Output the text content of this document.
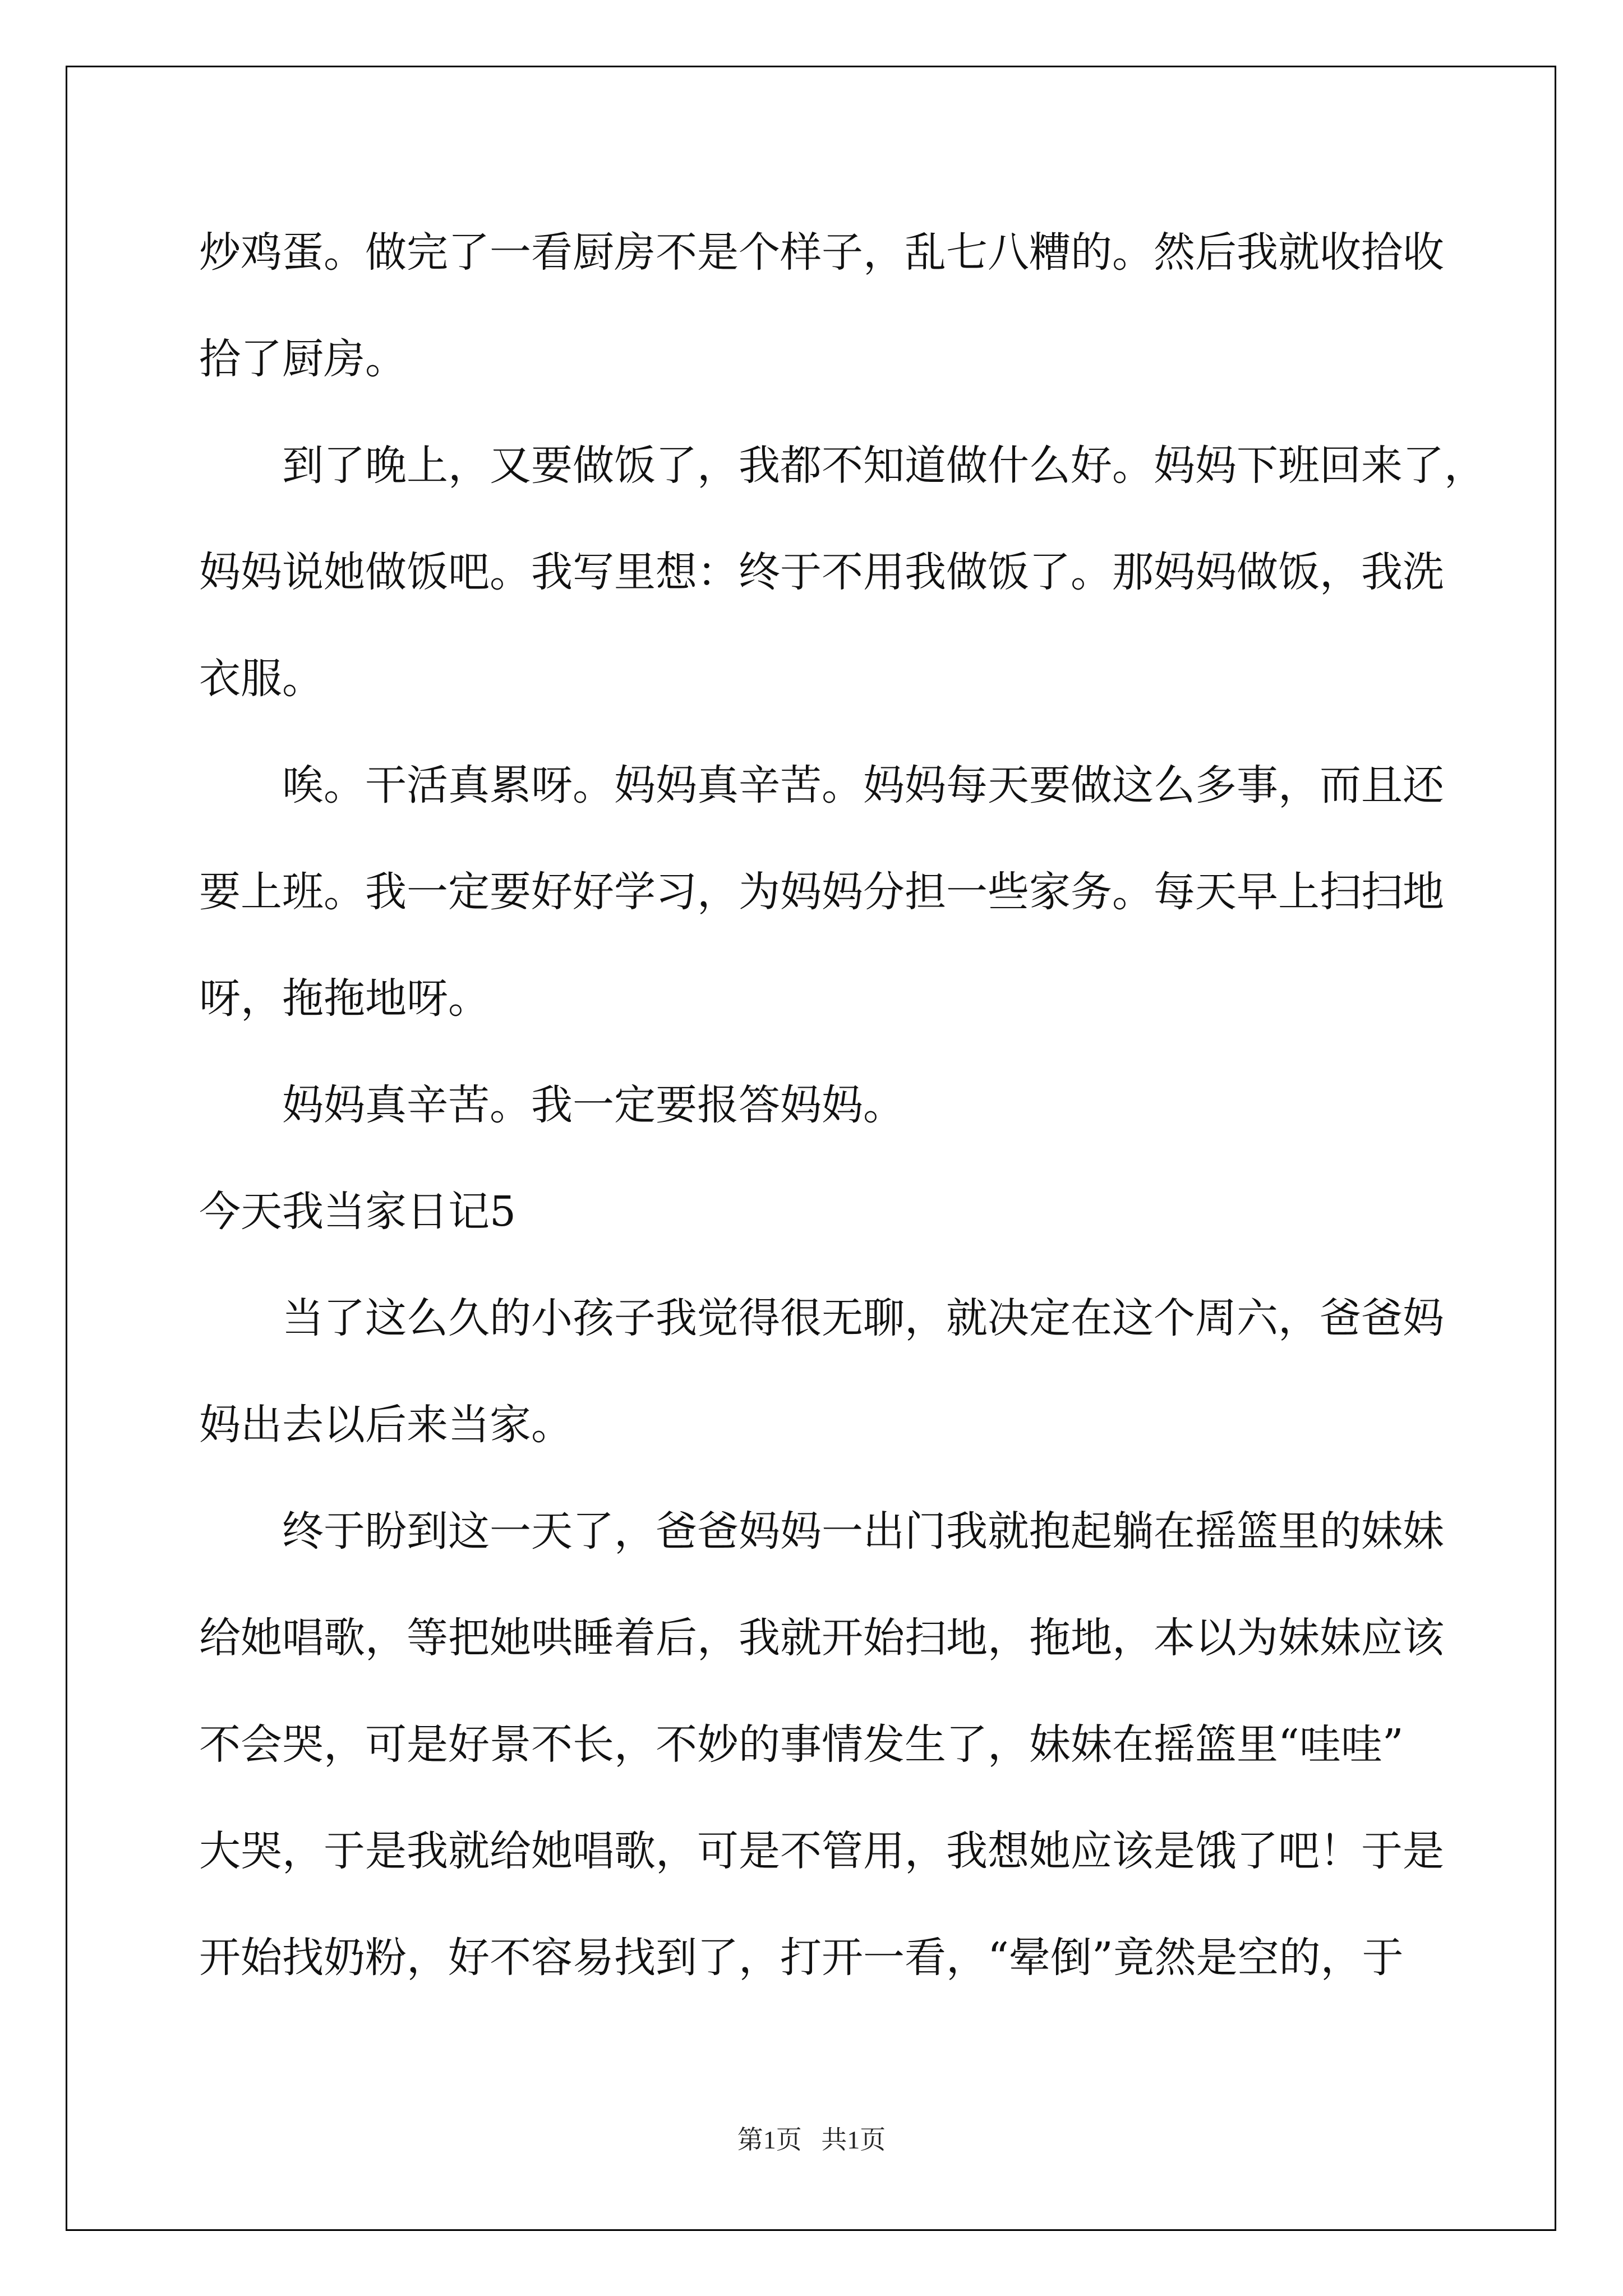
炒鸡蛋。做完了一看厨房不是个样子，乱七八糟的。然后我就收拾收
拾了厨房。
到了晚上，又要做饭了，我都不知道做什么好。妈妈下班回来了，
妈妈说她做饭吧。我写里想：终于不用我做饭了。那妈妈做饭，我洗
衣服。
唉。干活真累呀。妈妈真辛苦。妈妈每天要做这么多事，而且还
要上班。我一定要好好学习，为妈妈分担一些家务。每天早上扫扫地
呀，拖拖地呀。
妈妈真辛苦。我一定要报答妈妈。
今天我当家日记5
当了这么久的小孩子我觉得很无聊，就决定在这个周六，爸爸妈
妈出去以后来当家。
终于盼到这一天了，爸爸妈妈一出门我就抱起躺在摇篮里的妹妹
给她唱歌，等把她哄睡着后，我就开始扫地，拖地，本以为妹妹应该
不会哭，可是好景不长，不妙的事情发生了，妹妹在摇篮里“哇哇”
大哭，于是我就给她唱歌，可是不管用，我想她应该是饿了吧！于是
开始找奶粉，好不容易找到了，打开一看，“晕倒”竟然是空的，于
第1页 共1页
